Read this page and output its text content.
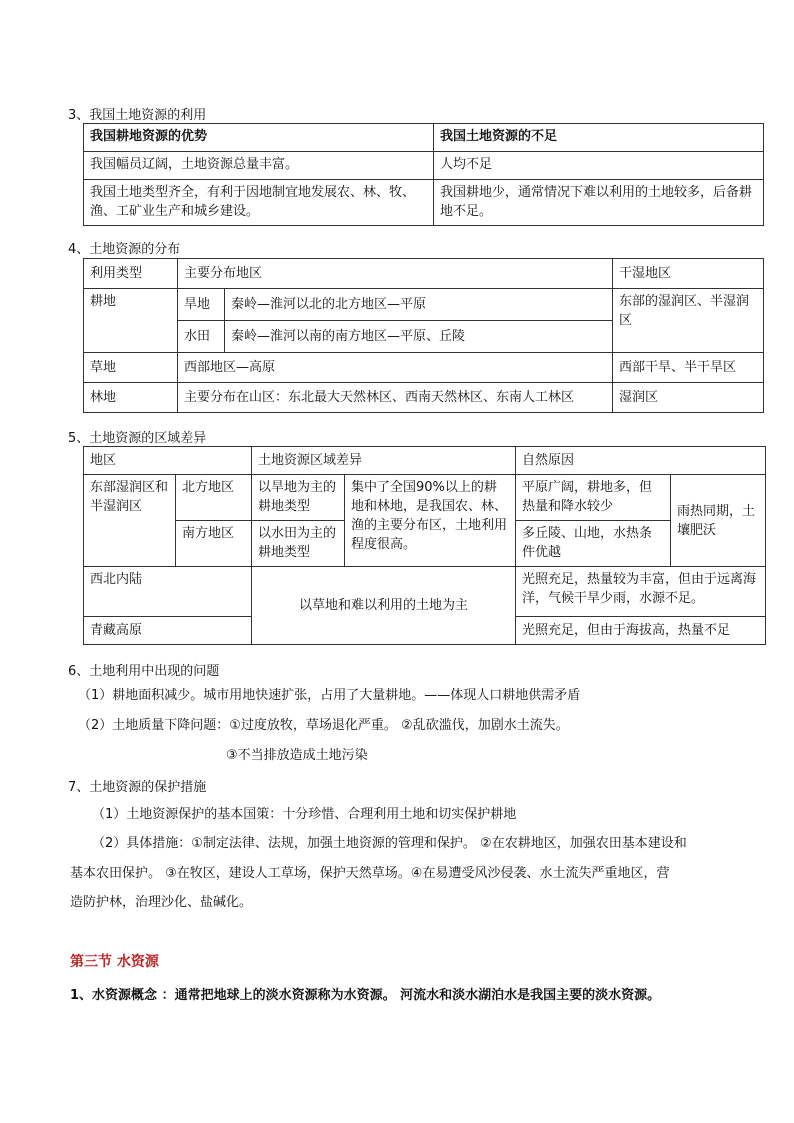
3、我国土地资源的利用
我国耕地资源的优势	我国土地资源的不足
我国幅员辽阔，土地资源总量丰富。	人均不足
我国土地类型齐全，有利于因地制宜地发展农、林、牧、渔、工矿业生产和城乡建设。	我国耕地少，通常情况下难以利用的土地较多，后备耕地不足。
4、土地资源的分布
利用类型	主要分布地区		干湿地区
耕地	旱地	秦岭—淮河以北的北方地区—平原	东部的湿润区、半湿润区
	水田	秦岭—淮河以南的南方地区—平原、丘陵	
草地	西部地区—高原		西部干旱、半干旱区
林地	主要分布在山区：东北最大天然林区、西南天然林区、东南人工林区		湿润区
5、土地资源的区域差异
地区		土地资源区域差异		自然原因	
东部湿润区和半湿润区	北方地区	以旱地为主的耕地类型	集中了全国90%以上的耕地和林地，是我国农、林、渔的主要分布区，土地利用程度很高。	平原广阔，耕地多，但热量和降水较少	雨热同期，土壤肥沃
	南方地区	以水田为主的耕地类型		多丘陵、山地，水热条件优越	
西北内陆		以草地和难以利用的土地为主		光照充足，热量较为丰富，但由于远离海洋，气候干旱少雨，水源不足。	
青藏高原				光照充足，但由于海拔高，热量不足	
6、土地利用中出现的问题
（1）耕地面积减少。城市用地快速扩张，占用了大量耕地。——体现人口耕地供需矛盾
（2）土地质量下降问题：①过度放牧，草场退化严重。 ②乱砍滥伐，加剧水土流失。
③不当排放造成土地污染
7、土地资源的保护措施
（1）土地资源保护的基本国策：十分珍惜、合理利用土地和切实保护耕地
（2）具体措施：①制定法律、法规，加强土地资源的管理和保护。 ②在农耕地区，加强农田基本建设和
基本农田保护。 ③在牧区，建设人工草场，保护天然草场。④在易遭受风沙侵袭、水土流失严重地区，营
造防护林，治理沙化、盐碱化。
第三节 水资源
1、水资源概念 ：通常把地球上的淡水资源称为水资源。 河流水和淡水湖泊水是我国主要的淡水资源。
